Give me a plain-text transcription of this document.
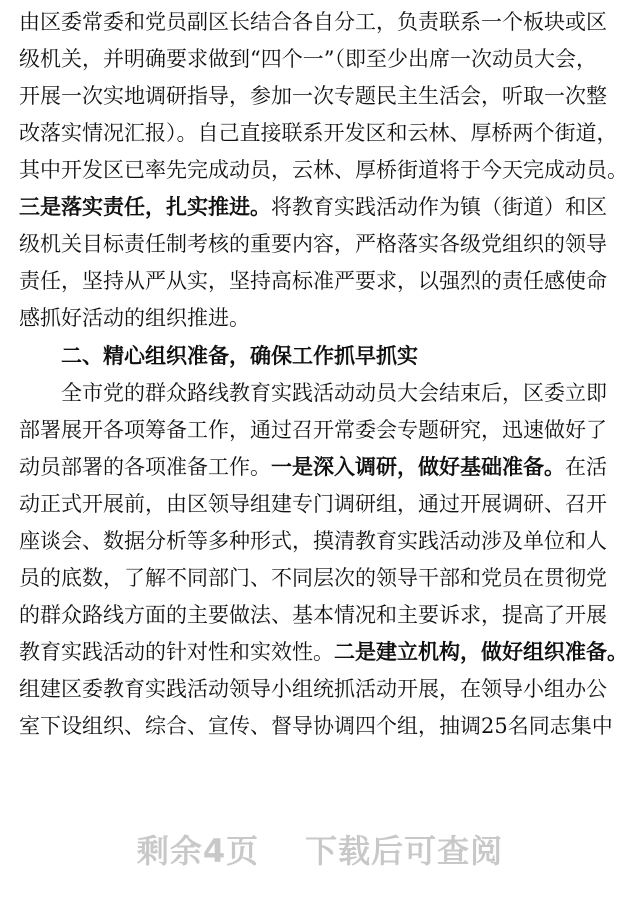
由区委常委和党员副区长结合各自分工，负责联系一个板块或区
级机关，并明确要求做到“四个一”（即至少出席一次动员大会，
开展一次实地调研指导，参加一次专题民主生活会，听取一次整
改落实情况汇报）。自己直接联系开发区和云林、厚桥两个街道，
其中开发区已率先完成动员，云林、厚桥街道将于今天完成动员。
三是落实责任，扎实推进。将教育实践活动作为镇（街道）和区
级机关目标责任制考核的重要内容，严格落实各级党组织的领导
责任，坚持从严从实，坚持高标准严要求，以强烈的责任感使命
感抓好活动的组织推进。
二、精心组织准备，确保工作抓早抓实
全市党的群众路线教育实践活动动员大会结束后，区委立即
部署展开各项筹备工作，通过召开常委会专题研究，迅速做好了
动员部署的各项准备工作。一是深入调研，做好基础准备。在活
动正式开展前，由区领导组建专门调研组，通过开展调研、召开
座谈会、数据分析等多种形式，摸清教育实践活动涉及单位和人
员的底数，了解不同部门、不同层次的领导干部和党员在贯彻党
的群众路线方面的主要做法、基本情况和主要诉求，提高了开展
教育实践活动的针对性和实效性。二是建立机构，做好组织准备。
组建区委教育实践活动领导小组统抓活动开展，在领导小组办公
室下设组织、综合、宣传、督导协调四个组，抽调25名同志集中
剩余4页 下载后可查阅
